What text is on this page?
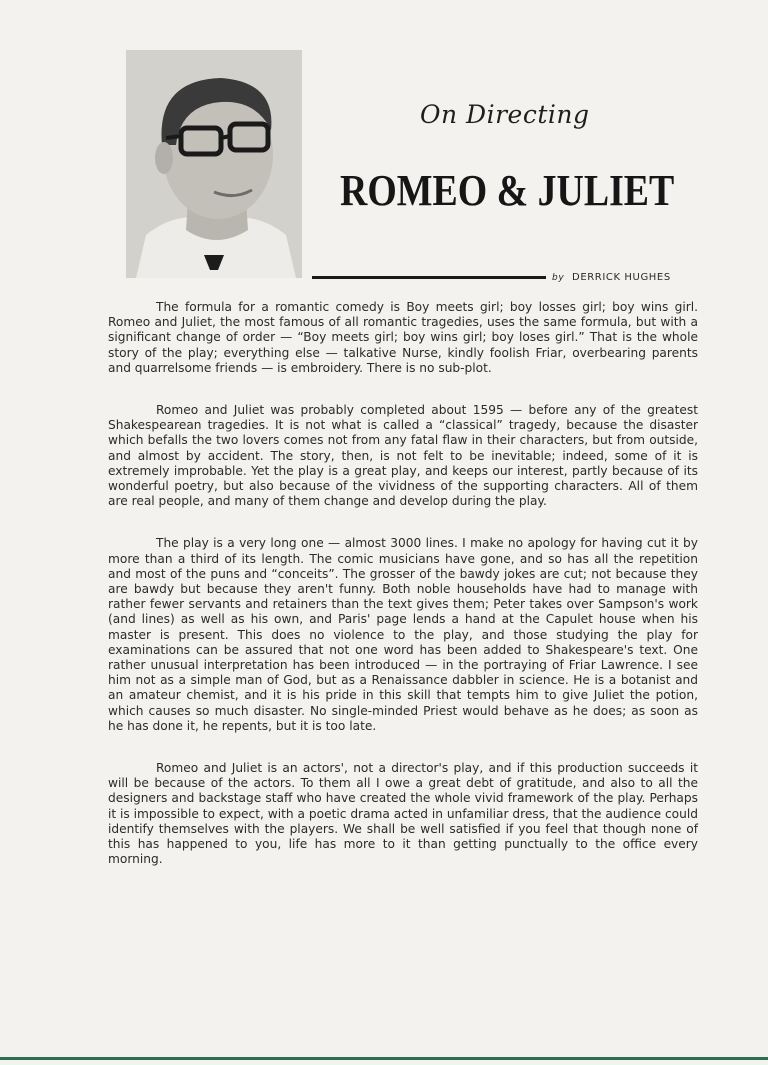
On Directing
ROMEO & JULIET
by DERRICK HUGHES

The formula for a romantic comedy is Boy meets girl; boy losses girl; boy wins girl. Romeo and Juliet, the most famous of all romantic tragedies, uses the same formula, but with a significant change of order — “Boy meets girl; boy wins girl; boy loses girl.” That is the whole story of the play; everything else — talkative Nurse, kindly foolish Friar, overbearing parents and quarrelsome friends — is embroidery. There is no sub-plot.

Romeo and Juliet was probably completed about 1595 — before any of the greatest Shakespearean tragedies. It is not what is called a “classical” tragedy, because the disaster which befalls the two lovers comes not from any fatal flaw in their characters, but from outside, and almost by accident. The story, then, is not felt to be inevitable; indeed, some of it is extremely improbable. Yet the play is a great play, and keeps our interest, partly because of its wonderful poetry, but also because of the vividness of the supporting characters. All of them are real people, and many of them change and develop during the play.

The play is a very long one — almost 3000 lines. I make no apology for having cut it by more than a third of its length. The comic musicians have gone, and so has all the repetition and most of the puns and “conceits”. The grosser of the bawdy jokes are cut; not because they are bawdy but because they aren't funny. Both noble households have had to manage with rather fewer servants and retainers than the text gives them; Peter takes over Sampson's work (and lines) as well as his own, and Paris' page lends a hand at the Capulet house when his master is present. This does no violence to the play, and those studying the play for examinations can be assured that not one word has been added to Shakespeare's text. One rather unusual interpretation has been introduced — in the portraying of Friar Lawrence. I see him not as a simple man of God, but as a Renaissance dabbler in science. He is a botanist and an amateur chemist, and it is his pride in this skill that tempts him to give Juliet the potion, which causes so much disaster. No single-minded Priest would behave as he does; as soon as he has done it, he repents, but it is too late.

Romeo and Juliet is an actors', not a director's play, and if this production succeeds it will be because of the actors. To them all I owe a great debt of gratitude, and also to all the designers and backstage staff who have created the whole vivid framework of the play. Perhaps it is impossible to expect, with a poetic drama acted in unfamiliar dress, that the audience could identify themselves with the players. We shall be well satisfied if you feel that though none of this has happened to you, life has more to it than getting punctually to the office every morning.
